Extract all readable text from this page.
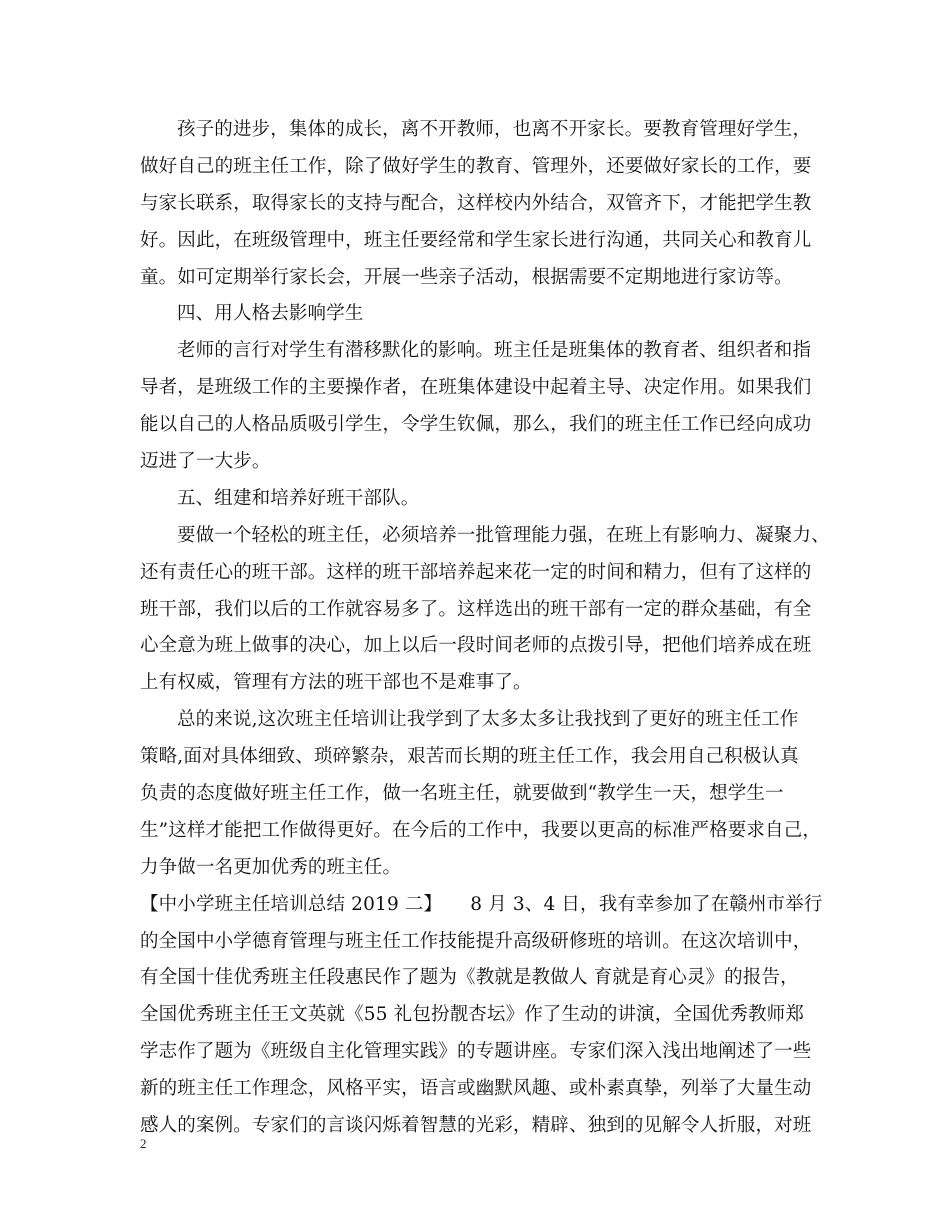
孩子的进步，集体的成长，离不开教师，也离不开家长。要教育管理好学生，
做好自己的班主任工作，除了做好学生的教育、管理外，还要做好家长的工作，要
与家长联系，取得家长的支持与配合，这样校内外结合，双管齐下，才能把学生教
好。因此，在班级管理中，班主任要经常和学生家长进行沟通，共同关心和教育儿
童。如可定期举行家长会，开展一些亲子活动，根据需要不定期地进行家访等。
四、用人格去影响学生
老师的言行对学生有潜移默化的影响。班主任是班集体的教育者、组织者和指
导者，是班级工作的主要操作者，在班集体建设中起着主导、决定作用。如果我们
能以自己的人格品质吸引学生，令学生钦佩，那么，我们的班主任工作已经向成功
迈进了一大步。
五、组建和培养好班干部队。
要做一个轻松的班主任，必须培养一批管理能力强，在班上有影响力、凝聚力、
还有责任心的班干部。这样的班干部培养起来花一定的时间和精力，但有了这样的
班干部，我们以后的工作就容易多了。这样选出的班干部有一定的群众基础，有全
心全意为班上做事的决心，加上以后一段时间老师的点拨引导，把他们培养成在班
上有权威，管理有方法的班干部也不是难事了。
总的来说,这次班主任培训让我学到了太多太多让我找到了更好的班主任工作
策略,面对具体细致、琐碎繁杂，艰苦而长期的班主任工作，我会用自己积极认真
负责的态度做好班主任工作，做一名班主任，就要做到“教学生一天，想学生一
生”这样才能把工作做得更好。在今后的工作中，我要以更高的标准严格要求自己，
力争做一名更加优秀的班主任。
【中小学班主任培训总结 2019 二】　　8 月 3、4 日，我有幸参加了在赣州市举行
的全国中小学德育管理与班主任工作技能提升高级研修班的培训。在这次培训中，
有全国十佳优秀班主任段惠民作了题为《教就是教做人 育就是育心灵》的报告，
全国优秀班主任王文英就《55 礼包扮靓杏坛》作了生动的讲演，全国优秀教师郑
学志作了题为《班级自主化管理实践》的专题讲座。专家们深入浅出地阐述了一些
新的班主任工作理念，风格平实，语言或幽默风趣、或朴素真挚，列举了大量生动
感人的案例。专家们的言谈闪烁着智慧的光彩，精辟、独到的见解令人折服，对班
2
